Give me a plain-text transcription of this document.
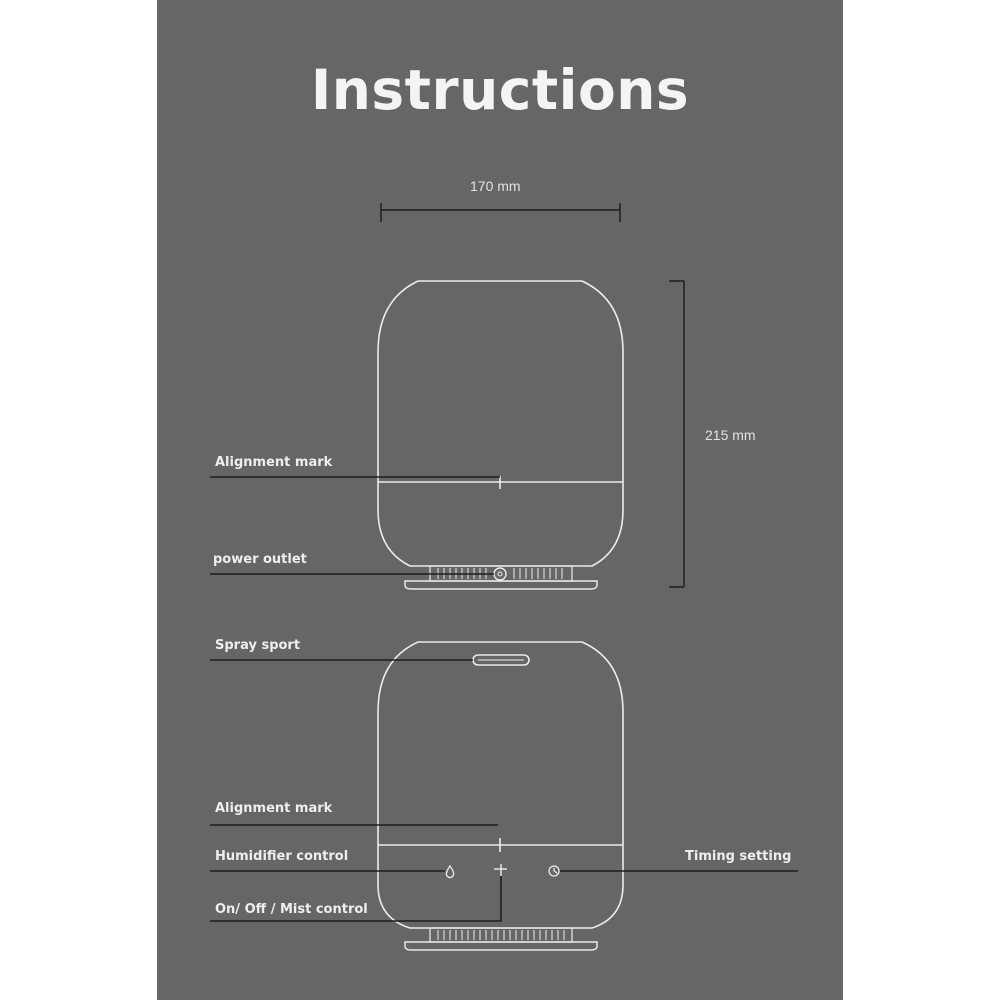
Instructions
170 mm
215 mm
Alignment mark
power outlet
Spray sport
Alignment mark
Humidifier control	Timing setting
On/ Off / Mist control
